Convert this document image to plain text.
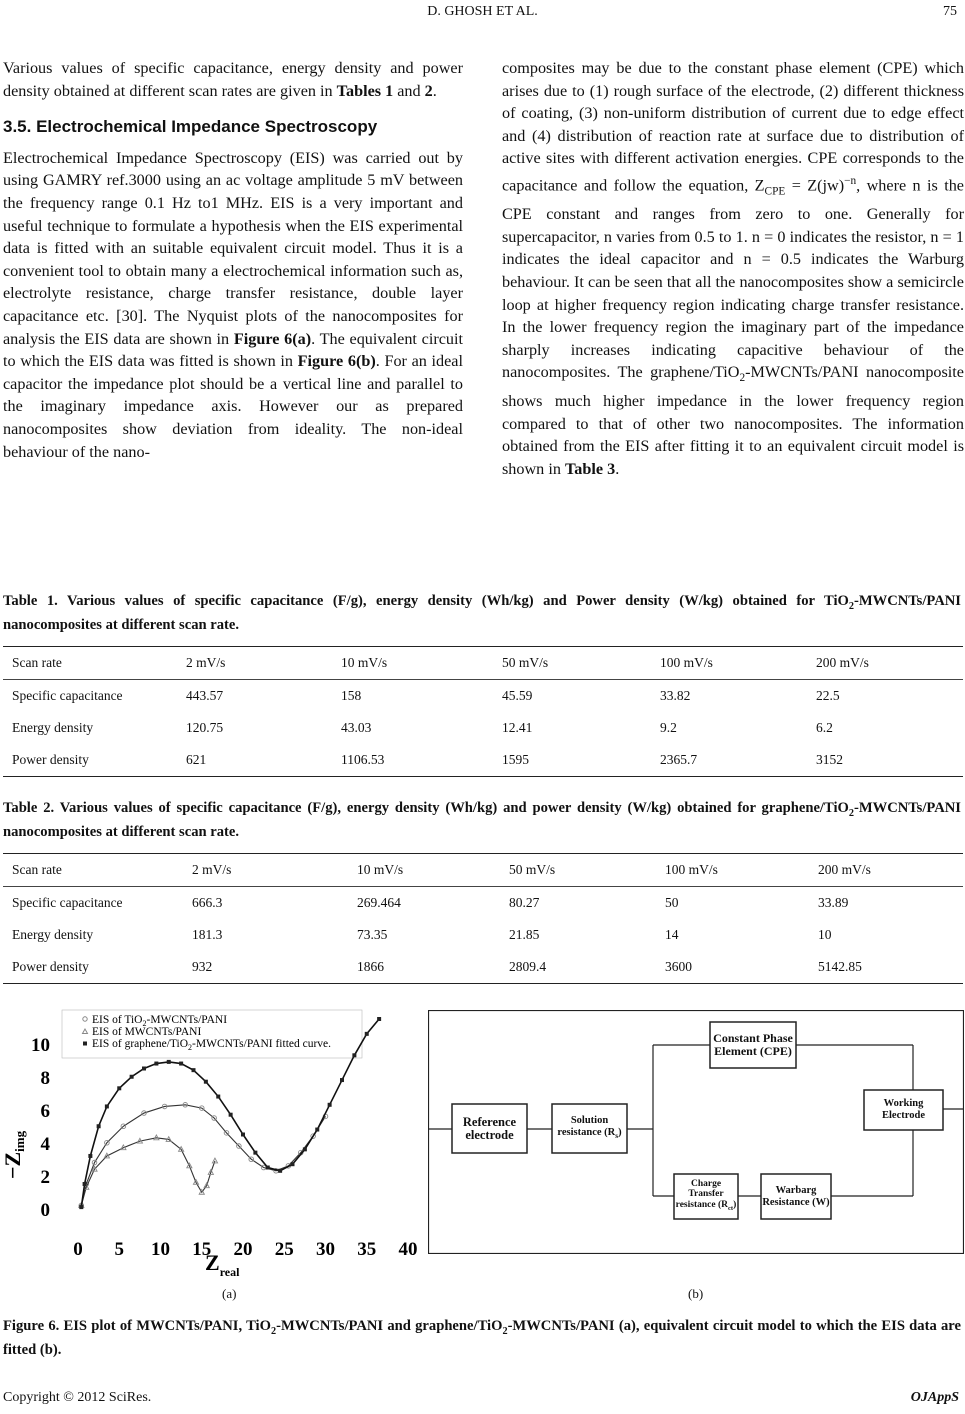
D. GHOSH ET AL.	75

Various values of specific capacitance, energy density and power density obtained at different scan rates are given in Tables 1 and 2.

3.5. Electrochemical Impedance Spectroscopy

Electrochemical Impedance Spectroscopy (EIS) was carried out by using GAMRY ref.3000 using an ac voltage amplitude 5 mV between the frequency range 0.1 Hz to1 MHz. EIS is a very important and useful technique to formulate a hypothesis when the EIS experimental data is fitted with an suitable equivalent circuit model. Thus it is a convenient tool to obtain many a electrochemical information such as, electrolyte resistance, charge transfer resistance, double layer capacitance etc. [30]. The Nyquist plots of the nanocomposites for analysis the EIS data are shown in Figure 6(a). The equivalent circuit to which the EIS data was fitted is shown in Figure 6(b). For an ideal capacitor the impedance plot should be a vertical line and parallel to the imaginary impedance axis. However our as prepared nanocomposites show deviation from ideality. The non-ideal behaviour of the nano-

composites may be due to the constant phase element (CPE) which arises due to (1) rough surface of the electrode, (2) different thickness of coating, (3) non-uniform distribution of current due to edge effect and (4) distribution of reaction rate at surface due to distribution of active sites with different activation energies. CPE corresponds to the capacitance and follow the equation, $Z_{CPE} = Z(jw)^{-n}$, where n is the CPE constant and ranges from zero to one. Generally for supercapacitor, n varies from 0.5 to 1. n = 0 indicates the resistor, n = 1 indicates the ideal capacitor and n = 0.5 indicates the Warburg behaviour. It can be seen that all the nanocomposites show a semicircle loop at higher frequency region indicating charge transfer resistance. In the lower frequency region the imaginary part of the impedance sharply increases indicating capacitive behaviour of the nanocomposites. The graphene/TiO$_2$-MWCNTs/PANI nanocomposite shows much higher impedance in the lower frequency region compared to that of other two nanocomposites. The information obtained from the EIS after fitting it to an equivalent circuit model is shown in Table 3.

Table 1. Various values of specific capacitance (F/g), energy density (Wh/kg) and Power density (W/kg) obtained for TiO$_2$-MWCNTs/PANI nanocomposites at different scan rate.
Scan rate	2 mV/s	10 mV/s	50 mV/s	100 mV/s	200 mV/s
Specific capacitance	443.57	158	45.59	33.82	22.5
Energy density	120.75	43.03	12.41	9.2	6.2
Power density	621	1106.53	1595	2365.7	3152
Table 2. Various values of specific capacitance (F/g), energy density (Wh/kg) and power density (W/kg) obtained for graphene/TiO$_2$-MWCNTs/PANI nanocomposites at different scan rate.
Scan rate	2 mV/s	10 mV/s	50 mV/s	100 mV/s	200 mV/s
Specific capacitance	666.3	269.464	80.27	50	33.89
Energy density	181.3	73.35	21.85	14	10
Power density	932	1866	2809.4	3600	5142.85
EIS of TiO$_2$-MWCNTs/PANI
EIS of MWCNTs/PANI
EIS of graphene/TiO$_2$-MWCNTs/PANI fitted curve.
0
2
4
6
8
10
0 5 10 15 20 25 30 35 40
−Zimg
$Z_{real}$
(a)
Reference electrode
Solution resistance $(R_s)$
Constant Phase Element (CPE)
Working Electrode
Charge Transfer resistance $(R_{ct})$
Warbarg Resistance (W)
(b)
Figure 6. EIS plot of MWCNTs/PANI, TiO$_2$-MWCNTs/PANI and graphene/TiO$_2$-MWCNTs/PANI (a), equivalent circuit model to which the EIS data are fitted (b).
Copyright © 2012 SciRes.	OJAppS
